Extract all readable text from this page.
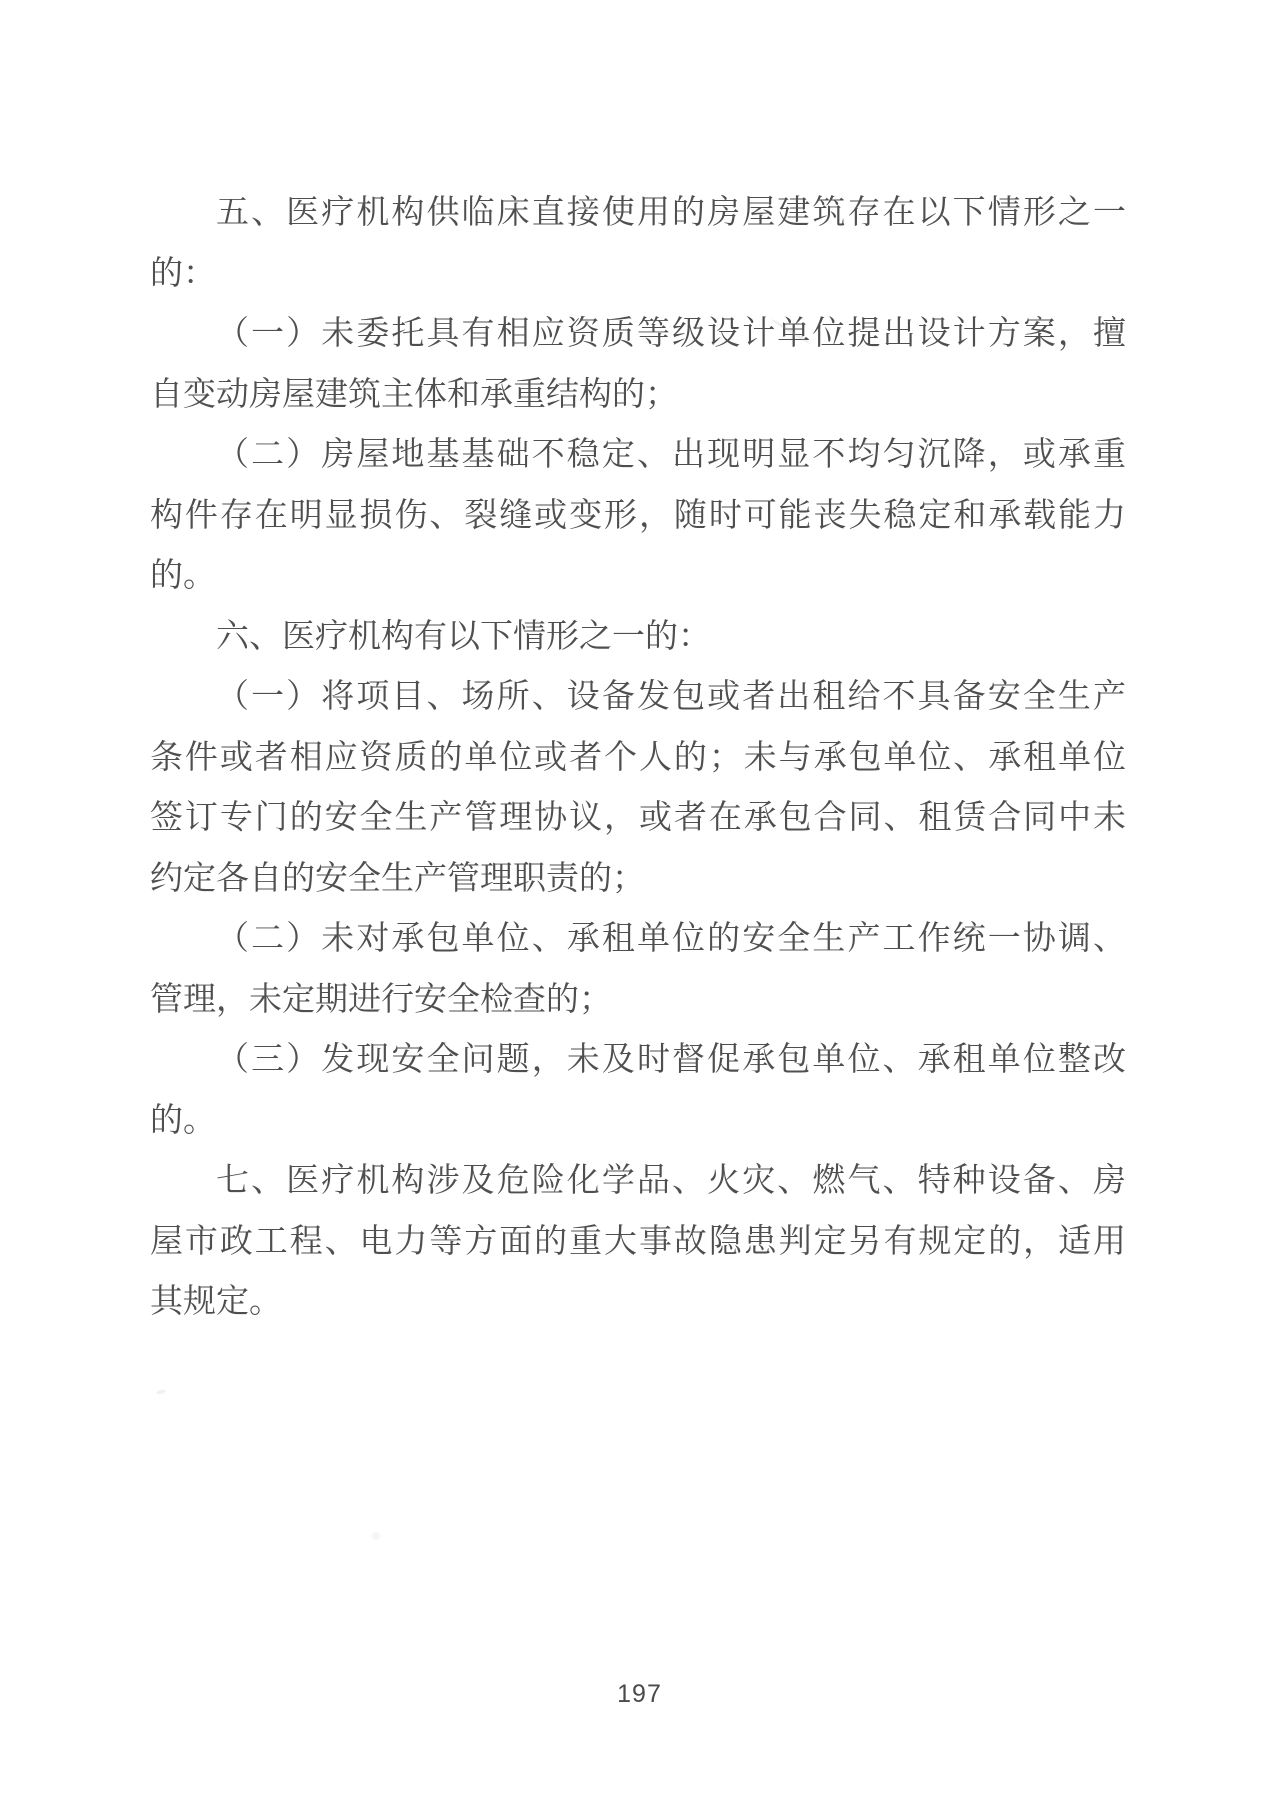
五、医疗机构供临床直接使用的房屋建筑存在以下情形之一
的：
（一）未委托具有相应资质等级设计单位提出设计方案，擅
自变动房屋建筑主体和承重结构的；
（二）房屋地基基础不稳定、出现明显不均匀沉降，或承重
构件存在明显损伤、裂缝或变形，随时可能丧失稳定和承载能力
的。
六、医疗机构有以下情形之一的：
（一）将项目、场所、设备发包或者出租给不具备安全生产
条件或者相应资质的单位或者个人的；未与承包单位、承租单位
签订专门的安全生产管理协议，或者在承包合同、租赁合同中未
约定各自的安全生产管理职责的；
（二）未对承包单位、承租单位的安全生产工作统一协调、
管理，未定期进行安全检查的；
（三）发现安全问题，未及时督促承包单位、承租单位整改
的。
七、医疗机构涉及危险化学品、火灾、燃气、特种设备、房
屋市政工程、电力等方面的重大事故隐患判定另有规定的，适用
其规定。
197
